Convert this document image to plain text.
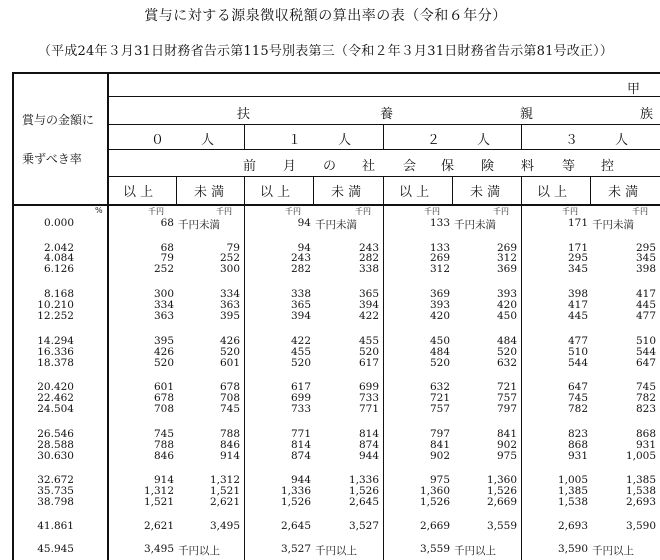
賞与に対する源泉徴収税額の算出率の表（令和６年分）
（平成24年３月31日財務省告示第115号別表第三（令和２年３月31日財務省告示第81号改正））
賞与の金額に
乗ずべき率
甲
扶	養	親	族
０	人	１	人	２	人	３	人
前 月 の 社 会 保 険 料 等 控
以 上	未 満	以 上	未 満	以 上	未 満	以 上	未 満
%	千円	千円	千円	千円	千円	千円	千円	千円
0.000	68 千円未満	94 千円未満	133 千円未満	171 千円未満
2.042	68	79	94	243	133	269	171	295
4.084	79	252	243	282	269	312	295	345
6.126	252	300	282	338	312	369	345	398
8.168	300	334	338	365	369	393	398	417
10.210	334	363	365	394	393	420	417	445
12.252	363	395	394	422	420	450	445	477
14.294	395	426	422	455	450	484	477	510
16.336	426	520	455	520	484	520	510	544
18.378	520	601	520	617	520	632	544	647
20.420	601	678	617	699	632	721	647	745
22.462	678	708	699	733	721	757	745	782
24.504	708	745	733	771	757	797	782	823
26.546	745	788	771	814	797	841	823	868
28.588	788	846	814	874	841	902	868	931
30.630	846	914	874	944	902	975	931	1,005
32.672	914	1,312	944	1,336	975	1,360	1,005	1,385
35.735	1,312	1,521	1,336	1,526	1,360	1,526	1,385	1,538
38.798	1,521	2,621	1,526	2,645	1,526	2,669	1,538	2,693
41.861	2,621	3,495	2,645	3,527	2,669	3,559	2,693	3,590
45.945	3,495 千円以上	3,527 千円以上	3,559 千円以上	3,590 千円以上
